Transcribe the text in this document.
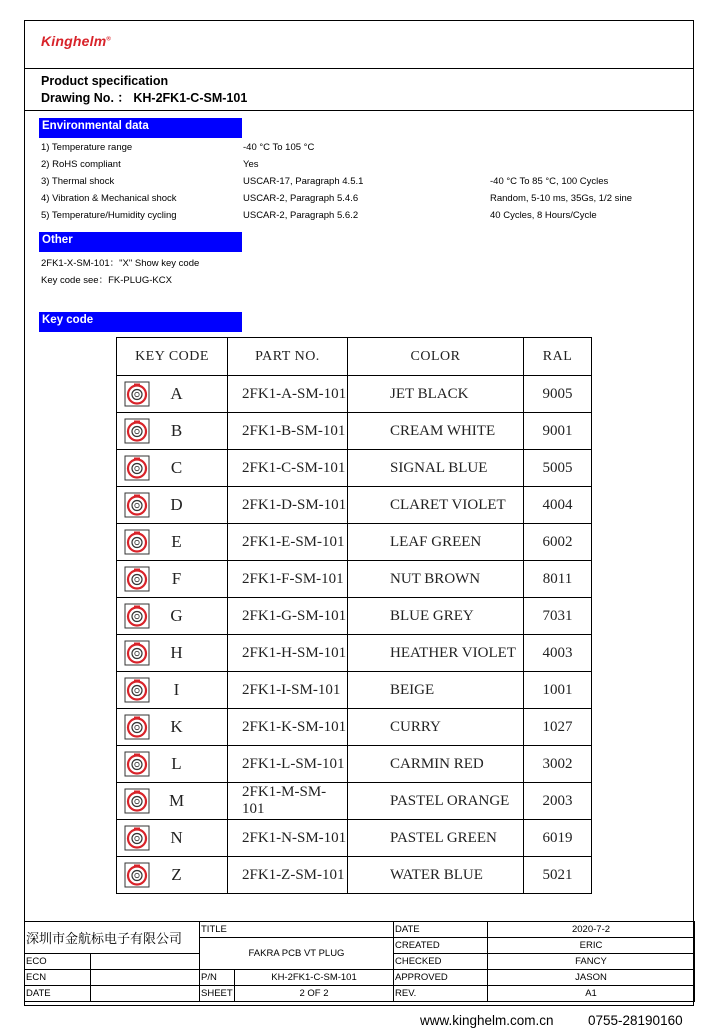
Kinghelm®
Product specification
Drawing No. ： KH-2FK1-C-SM-101
Environmental data
1) Temperature range	-40 °C To 105 °C
2) RoHS compliant	Yes
3) Thermal shock	USCAR-17, Paragraph 4.5.1	-40 °C To 85 °C, 100 Cycles
4) Vibration & Mechanical shock	USCAR-2, Paragraph 5.4.6	Random, 5-10 ms, 35Gs, 1/2 sine
5) Temperature/Humidity cycling	USCAR-2, Paragraph 5.6.2	40 Cycles, 8 Hours/Cycle
Other
2FK1-X-SM-101："X" Show key code
Key code see：FK-PLUG-KCX
Key code
KEY CODE	PART NO.	COLOR	RAL

A	2FK1-A-SM-101	JET BLACK	9005

B	2FK1-B-SM-101	CREAM WHITE	9001

C	2FK1-C-SM-101	SIGNAL BLUE	5005

D	2FK1-D-SM-101	CLARET VIOLET	4004

E	2FK1-E-SM-101	LEAF GREEN	6002

F	2FK1-F-SM-101	NUT BROWN	8011

G	2FK1-G-SM-101	BLUE GREY	7031

H	2FK1-H-SM-101	HEATHER VIOLET	4003

I	2FK1-I-SM-101	BEIGE	1001

K	2FK1-K-SM-101	CURRY	1027

L	2FK1-L-SM-101	CARMIN RED	3002

M	2FK1-M-SM-101	PASTEL ORANGE	2003

N	2FK1-N-SM-101	PASTEL GREEN	6019

Z	2FK1-Z-SM-101	WATER BLUE	5021
深圳市金航标电子有限公司		TITLE		DATE	2020-7-2
		FAKRA PCB VT PLUG		CREATED	ERIC
ECO				CHECKED	FANCY
ECN		P/N	KH-2FK1-C-SM-101	APPROVED	JASON
DATE		SHEET	2 OF 2	REV.	A1
www.kinghelm.com.cn	0755-28190160
